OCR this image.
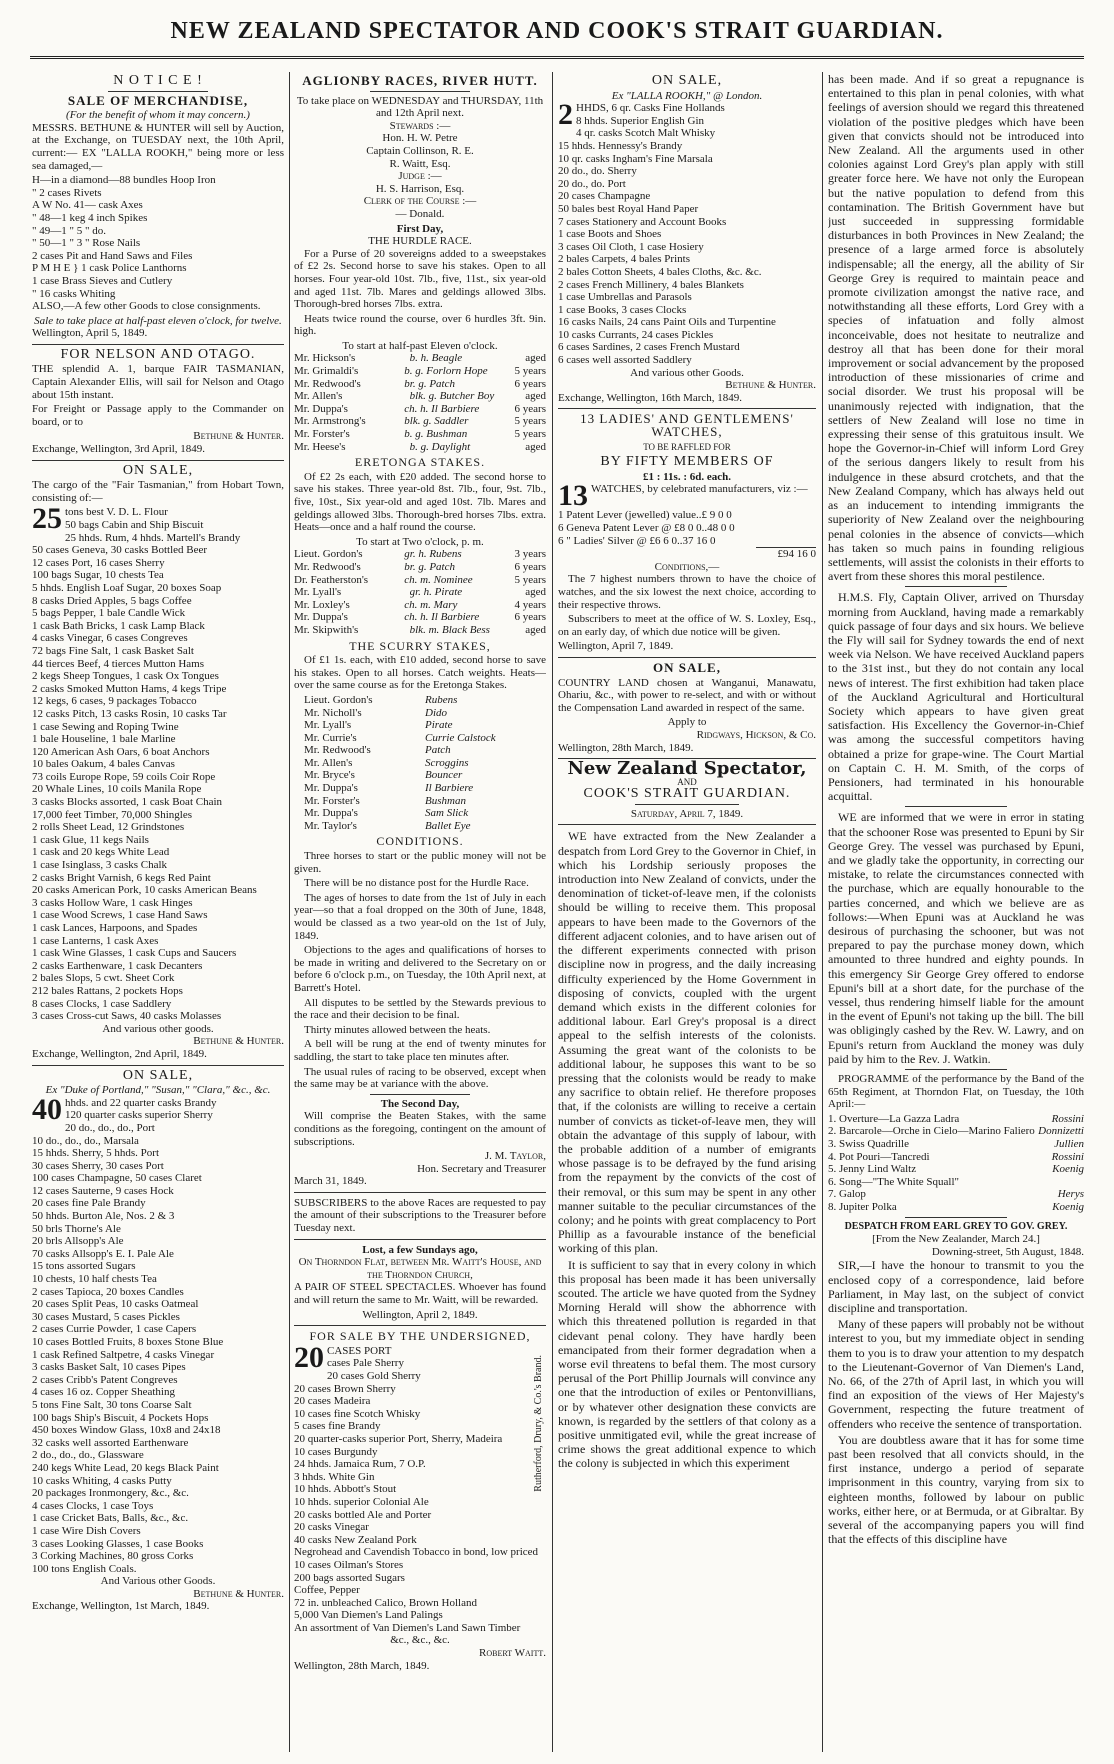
NEW ZEALAND SPECTATOR AND COOK'S STRAIT GUARDIAN.
N O T I C E !
SALE OF MERCHANDISE,
(For the benefit of whom it may concern.)

MESSRS. BETHUNE & HUNTER will sell by Auction, at the Exchange, on TUESDAY next, the 10th April, current:— EX "LALLA ROOKH," being more or less sea damaged,—

H—in a diamond—88 bundles Hoop Iron
" 2 cases Rivets
A W No. 41— cask Axes
" 48—1 keg 4 inch Spikes
" 49—1 " 5 " do.
" 50—1 " 3 " Rose Nails
2 cases Pit and Hand Saws and Files
P M H E } 1 cask Police Lanthorns
1 case Brass Sieves and Cutlery
" 16 casks Whiting

ALSO,—A few other Goods to close consignments.

Sale to take place at half-past eleven o'clock, for twelve.
Wellington, April 5, 1849.
FOR NELSON AND OTAGO.

THE splendid A. 1, barque FAIR TASMANIAN, Captain Alexander Ellis, will sail for Nelson and Otago about 15th instant.

For Freight or Passage apply to the Commander on board, or to

Bethune & Hunter.
Exchange, Wellington, 3rd April, 1849.
ON SALE,

The cargo of the "Fair Tasmanian," from Hobart Town, consisting of:—

25 tons best V. D. L. Flour
50 bags Cabin and Ship Biscuit
25 hhds. Rum, 4 hhds. Martell's Brandy
50 cases Geneva, 30 casks Bottled Beer
12 cases Port, 16 cases Sherry
100 bags Sugar, 10 chests Tea
5 hhds. English Loaf Sugar, 20 boxes Soap
8 casks Dried Apples, 5 bags Coffee
5 bags Pepper, 1 bale Candle Wick
1 cask Bath Bricks, 1 cask Lamp Black
4 casks Vinegar, 6 cases Congreves
72 bags Fine Salt, 1 cask Basket Salt
44 tierces Beef, 4 tierces Mutton Hams
2 kegs Sheep Tongues, 1 cask Ox Tongues
2 casks Smoked Mutton Hams, 4 kegs Tripe
12 kegs, 6 cases, 9 packages Tobacco
12 casks Pitch, 13 casks Rosin, 10 casks Tar
1 case Sewing and Roping Twine
1 bale Houseline, 1 bale Marline
120 American Ash Oars, 6 boat Anchors
10 bales Oakum, 4 bales Canvas
73 coils Europe Rope, 59 coils Coir Rope
20 Whale Lines, 10 coils Manila Rope
3 casks Blocks assorted, 1 cask Boat Chain
17,000 feet Timber, 70,000 Shingles
2 rolls Sheet Lead, 12 Grindstones
1 cask Glue, 11 kegs Nails
1 cask and 20 kegs White Lead
1 case Isinglass, 3 casks Chalk
2 casks Bright Varnish, 6 kegs Red Paint
20 casks American Pork, 10 casks American Beans
3 casks Hollow Ware, 1 cask Hinges
1 case Wood Screws, 1 case Hand Saws
1 cask Lances, Harpoons, and Spades
1 case Lanterns, 1 cask Axes
1 cask Wine Glasses, 1 cask Cups and Saucers
2 casks Earthenware, 1 cask Decanters
2 bales Slops, 5 cwt. Sheet Cork
212 bales Rattans, 2 pockets Hops
8 cases Clocks, 1 case Saddlery
3 cases Cross-cut Saws, 40 casks Molasses
And various other goods.
Bethune & Hunter.
Exchange, Wellington, 2nd April, 1849.
ON SALE,
Ex "Duke of Portland," "Susan," "Clara," &c., &c.
40 hhds. and 22 quarter casks Brandy
120 quarter casks superior Sherry
20 do., do., do., Port
10 do., do., do., Marsala
15 hhds. Sherry, 5 hhds. Port
30 cases Sherry, 30 cases Port
100 cases Champagne, 50 cases Claret
12 cases Sauterne, 9 cases Hock
20 cases fine Pale Brandy
50 hhds. Burton Ale, Nos. 2 & 3
50 brls Thorne's Ale
20 brls Allsopp's Ale
70 casks Allsopp's E. I. Pale Ale
15 tons assorted Sugars
10 chests, 10 half chests Tea
2 cases Tapioca, 20 boxes Candles
20 cases Split Peas, 10 casks Oatmeal
30 cases Mustard, 5 cases Pickles
2 cases Currie Powder, 1 case Capers
10 cases Bottled Fruits, 8 boxes Stone Blue
1 cask Refined Saltpetre, 4 casks Vinegar
3 casks Basket Salt, 10 cases Pipes
2 cases Cribb's Patent Congreves
4 cases 16 oz. Copper Sheathing
5 tons Fine Salt, 30 tons Coarse Salt
100 bags Ship's Biscuit, 4 Pockets Hops
450 boxes Window Glass, 10x8 and 24x18
32 casks well assorted Earthenware
2 do., do., do., Glassware
240 kegs White Lead, 20 kegs Black Paint
10 casks Whiting, 4 casks Putty
20 packages Ironmongery, &c., &c.
4 cases Clocks, 1 case Toys
1 case Cricket Bats, Balls, &c., &c.
1 case Wire Dish Covers
3 cases Looking Glasses, 1 case Books
3 Corking Machines, 80 gross Corks
100 tons English Coals.
And Various other Goods.
Bethune & Hunter.
Exchange, Wellington, 1st March, 1849.
AGLIONBY RACES, RIVER HUTT.
To take place on WEDNESDAY and THURSDAY, 11th and 12th April next.
Stewards :—
Hon. H. W. Petre
Captain Collinson, R. E.
R. Waitt, Esq.
Judge :—
H. S. Harrison, Esq.
Clerk of the Course :—
— Donald.
First Day,
THE HURDLE RACE.

For a Purse of 20 sovereigns added to a sweepstakes of £2 2s. Second horse to save his stakes. Open to all horses. Four year-old 10st. 7lb., five, 11st., six year-old and aged 11st. 7lb. Mares and geldings allowed 3lbs. Thorough-bred horses 7lbs. extra.

Heats twice round the course, over 6 hurdles 3ft. 9in. high.

To start at half-past Eleven o'clock.
Mr. Hickson's	b. h. Beagle	aged
Mr. Grimaldi's	b. g. Forlorn Hope	5 years
Mr. Redwood's	br. g. Patch	6 years
Mr. Allen's	blk. g. Butcher Boy	aged
Mr. Duppa's	ch. h. Il Barbiere	6 years
Mr. Armstrong's	blk. g. Saddler	5 years
Mr. Forster's	b. g. Bushman	5 years
Mr. Heese's	b. g. Daylight	aged
ERETONGA STAKES.

Of £2 2s each, with £20 added. The second horse to save his stakes. Three year-old 8st. 7lb., four, 9st. 7lb., five, 10st., Six year-old and aged 10st. 7lb. Mares and geldings allowed 3lbs. Thorough-bred horses 7lbs. extra. Heats—once and a half round the course.

To start at Two o'clock, p. m.
Lieut. Gordon's	gr. h. Rubens	3 years
Mr. Redwood's	br. g. Patch	6 years
Dr. Featherston's	ch. m. Nominee	5 years
Mr. Lyall's	gr. h. Pirate	aged
Mr. Loxley's	ch. m. Mary	4 years
Mr. Duppa's	ch. h. Il Barbiere	6 years
Mr. Skipwith's	blk. m. Black Bess	aged
THE SCURRY STAKES,

Of £1 1s. each, with £10 added, second horse to save his stakes. Open to all horses. Catch weights. Heats—over the same course as for the Eretonga Stakes.

Lieut. Gordon's	Rubens
Mr. Nicholl's	Dido
Mr. Lyall's	Pirate
Mr. Currie's	Currie Calstock
Mr. Redwood's	Patch
Mr. Allen's	Scroggins
Mr. Bryce's	Bouncer
Mr. Duppa's	Il Barbiere
Mr. Forster's	Bushman
Mr. Duppa's	Sam Slick
Mr. Taylor's	Ballet Eye
CONDITIONS.

Three horses to start or the public money will not be given.

There will be no distance post for the Hurdle Race.

The ages of horses to date from the 1st of July in each year—so that a foal dropped on the 30th of June, 1848, would be classed as a two year-old on the 1st of July, 1849.

Objections to the ages and qualifications of horses to be made in writing and delivered to the Secretary on or before 6 o'clock p.m., on Tuesday, the 10th April next, at Barrett's Hotel.

All disputes to be settled by the Stewards previous to the race and their decision to be final.

Thirty minutes allowed between the heats.

A bell will be rung at the end of twenty minutes for saddling, the start to take place ten minutes after.

The usual rules of racing to be observed, except when the same may be at variance with the above.

The Second Day,

Will comprise the Beaten Stakes, with the same conditions as the foregoing, contingent on the amount of subscriptions.

J. M. Taylor,
Hon. Secretary and Treasurer
March 31, 1849.

SUBSCRIBERS to the above Races are requested to pay the amount of their subscriptions to the Treasurer before Tuesday next.

Lost, a few Sundays ago,
On Thorndon Flat, between Mr. Waitt's House, and the Thorndon Church,

A PAIR OF STEEL SPECTACLES. Whoever has found and will return the same to Mr. Waitt, will be rewarded.

Wellington, April 2, 1849.
FOR SALE BY THE UNDERSIGNED,
20 CASES PORT
cases Pale Sherry
20 cases Gold Sherry
20 cases Brown Sherry
20 cases Madeira
10 cases fine Scotch Whisky
5 cases fine Brandy
20 quarter-casks superior Port, Sherry, Madeira
10 cases Burgundy
24 hhds. Jamaica Rum, 7 O.P.
3 hhds. White Gin
10 hhds. Abbott's Stout
10 hhds. superior Colonial Ale
20 casks bottled Ale and Porter
20 casks Vinegar
40 casks New Zealand Pork
Negrohead and Cavendish Tobacco in bond, low priced
10 cases Oilman's Stores
200 bags assorted Sugars
Coffee, Pepper
72 in. unbleached Calico, Brown Holland
5,000 Van Diemen's Land Palings
An assortment of Van Diemen's Land Sawn Timber
Rutherford, Drury, & Co.'s Brand.
&c., &c., &c.
Robert Waitt.
Wellington, 28th March, 1849.
ON SALE,
Ex "LALLA ROOKH," @ London.
2 HHDS, 6 qr. Casks Fine Hollands
8 hhds. Superior English Gin
4 qr. casks Scotch Malt Whisky
15 hhds. Hennessy's Brandy
10 qr. casks Ingham's Fine Marsala
20 do., do. Sherry
20 do., do. Port
20 cases Champagne
50 bales best Royal Hand Paper
7 cases Stationery and Account Books
1 case Boots and Shoes
3 cases Oil Cloth, 1 case Hosiery
2 bales Carpets, 4 bales Prints
2 bales Cotton Sheets, 4 bales Cloths, &c. &c.
2 cases French Millinery, 4 bales Blankets
1 case Umbrellas and Parasols
1 case Books, 3 cases Clocks
16 casks Nails, 24 cans Paint Oils and Turpentine
10 casks Currants, 24 cases Pickles
6 cases Sardines, 2 cases French Mustard
6 cases well assorted Saddlery
And various other Goods.
Bethune & Hunter.
Exchange, Wellington, 16th March, 1849.
13 LADIES' AND GENTLEMENS' WATCHES,
TO BE RAFFLED FOR
BY FIFTY MEMBERS OF
£1 : 11s. : 6d. each.
13 WATCHES, by celebrated manufacturers, viz :—

1 Patent Lever (jewelled) value..£ 9 0 0
6 Geneva Patent Lever @ £8 0 0..48 0 0
6 " Ladies' Silver @ £6 6 0..37 16 0
£94 16 0
Conditions,—

The 7 highest numbers thrown to have the choice of watches, and the six lowest the next choice, according to their respective throws.

Subscribers to meet at the office of W. S. Loxley, Esq., on an early day, of which due notice will be given.

Wellington, April 7, 1849.
ON SALE,

COUNTRY LAND chosen at Wanganui, Manawatu, Ohariu, &c., with power to re-select, and with or without the Compensation Land awarded in respect of the same.

Apply to
Ridgways, Hickson, & Co.
Wellington, 28th March, 1849.
New Zealand Spectator,
AND
COOK'S STRAIT GUARDIAN.
Saturday, April 7, 1849.

WE have extracted from the New Zealander a despatch from Lord Grey to the Governor in Chief, in which his Lordship seriously proposes the introduction into New Zealand of convicts, under the denomination of ticket-of-leave men, if the colonists should be willing to receive them. This proposal appears to have been made to the Governors of the different adjacent colonies, and to have arisen out of the different experiments connected with prison discipline now in progress, and the daily increasing difficulty experienced by the Home Government in disposing of convicts, coupled with the urgent demand which exists in the different colonies for additional labour. Earl Grey's proposal is a direct appeal to the selfish interests of the colonists. Assuming the great want of the colonists to be additional labour, he supposes this want to be so pressing that the colonists would be ready to make any sacrifice to obtain relief. He therefore proposes that, if the colonists are willing to receive a certain number of convicts as ticket-of-leave men, they will obtain the advantage of this supply of labour, with the probable addition of a number of emigrants whose passage is to be defrayed by the fund arising from the repayment by the convicts of the cost of their removal, or this sum may be spent in any other manner suitable to the peculiar circumstances of the colony; and he points with great complacency to Port Phillip as a favourable instance of the beneficial working of this plan.

It is sufficient to say that in every colony in which this proposal has been made it has been universally scouted. The article we have quoted from the Sydney Morning Herald will show the abhorrence with which this threatened pollution is regarded in that cidevant penal colony. They have hardly been emancipated from their former degradation when a worse evil threatens to befal them. The most cursory perusal of the Port Phillip Journals will convince any one that the introduction of exiles or Pentonvillians, or by whatever other designation these convicts are known, is regarded by the settlers of that colony as a positive unmitigated evil, while the great increase of crime shows the great additional expence to which the colony is subjected in which this experiment

has been made. And if so great a repugnance is entertained to this plan in penal colonies, with what feelings of aversion should we regard this threatened violation of the positive pledges which have been given that convicts should not be introduced into New Zealand. All the arguments used in other colonies against Lord Grey's plan apply with still greater force here. We have not only the European but the native population to defend from this contamination. The British Government have but just succeeded in suppressing formidable disturbances in both Provinces in New Zealand; the presence of a large armed force is absolutely indispensable; all the energy, all the ability of Sir George Grey is required to maintain peace and promote civilization amongst the native race, and notwithstanding all these efforts, Lord Grey with a species of infatuation and folly almost inconceivable, does not hesitate to neutralize and destroy all that has been done for their moral improvement or social advancement by the proposed introduction of these missionaries of crime and social disorder. We trust his proposal will be unanimously rejected with indignation, that the settlers of New Zealand will lose no time in expressing their sense of this gratuitous insult. We hope the Governor-in-Chief will inform Lord Grey of the serious dangers likely to result from his indulgence in these absurd crotchets, and that the New Zealand Company, which has always held out as an inducement to intending immigrants the superiority of New Zealand over the neighbouring penal colonies in the absence of convicts—which has taken so much pains in founding religious settlements, will assist the colonists in their efforts to avert from these shores this moral pestilence.

H.M.S. Fly, Captain Oliver, arrived on Thursday morning from Auckland, having made a remarkably quick passage of four days and six hours. We believe the Fly will sail for Sydney towards the end of next week via Nelson. We have received Auckland papers to the 31st inst., but they do not contain any local news of interest. The first exhibition had taken place of the Auckland Agricultural and Horticultural Society which appears to have given great satisfaction. His Excellency the Governor-in-Chief was among the successful competitors having obtained a prize for grape-wine. The Court Martial on Captain C. H. M. Smith, of the corps of Pensioners, had terminated in his honourable acquittal.

WE are informed that we were in error in stating that the schooner Rose was presented to Epuni by Sir George Grey. The vessel was purchased by Epuni, and we gladly take the opportunity, in correcting our mistake, to relate the circumstances connected with the purchase, which are equally honourable to the parties concerned, and which we believe are as follows:—When Epuni was at Auckland he was desirous of purchasing the schooner, but was not prepared to pay the purchase money down, which amounted to three hundred and eighty pounds. In this emergency Sir George Grey offered to endorse Epuni's bill at a short date, for the purchase of the vessel, thus rendering himself liable for the amount in the event of Epuni's not taking up the bill. The bill was obligingly cashed by the Rev. W. Lawry, and on Epuni's return from Auckland the money was duly paid by him to the Rev. J. Watkin.

PROGRAMME of the performance by the Band of the 65th Regiment, at Thorndon Flat, on Tuesday, the 10th April:—

1. Overture—La Gazza Ladra	Rossini
2. Barcarole—Orche in Cielo—Marino Faliero Donnizetti
3. Swiss Quadrille	Jullien
4. Pot Pouri—Tancredi	Rossini
5. Jenny Lind Waltz	Koenig
6. Song—"The White Squall"
7. Galop	Herys
8. Jupiter Polka	Koenig
DESPATCH FROM EARL GREY TO GOV. GREY.
[From the New Zealander, March 24.]
Downing-street, 5th August, 1848.

SIR,—I have the honour to transmit to you the enclosed copy of a correspondence, laid before Parliament, in May last, on the subject of convict discipline and transportation.

Many of these papers will probably not be without interest to you, but my immediate object in sending them to you is to draw your attention to my despatch to the Lieutenant-Governor of Van Diemen's Land, No. 66, of the 27th of April last, in which you will find an exposition of the views of Her Majesty's Government, respecting the future treatment of offenders who receive the sentence of transportation.

You are doubtless aware that it has for some time past been resolved that all convicts should, in the first instance, undergo a period of separate imprisonment in this country, varying from six to eighteen months, followed by labour on public works, either here, or at Bermuda, or at Gibraltar. By several of the accompanying papers you will find that the effects of this discipline have
